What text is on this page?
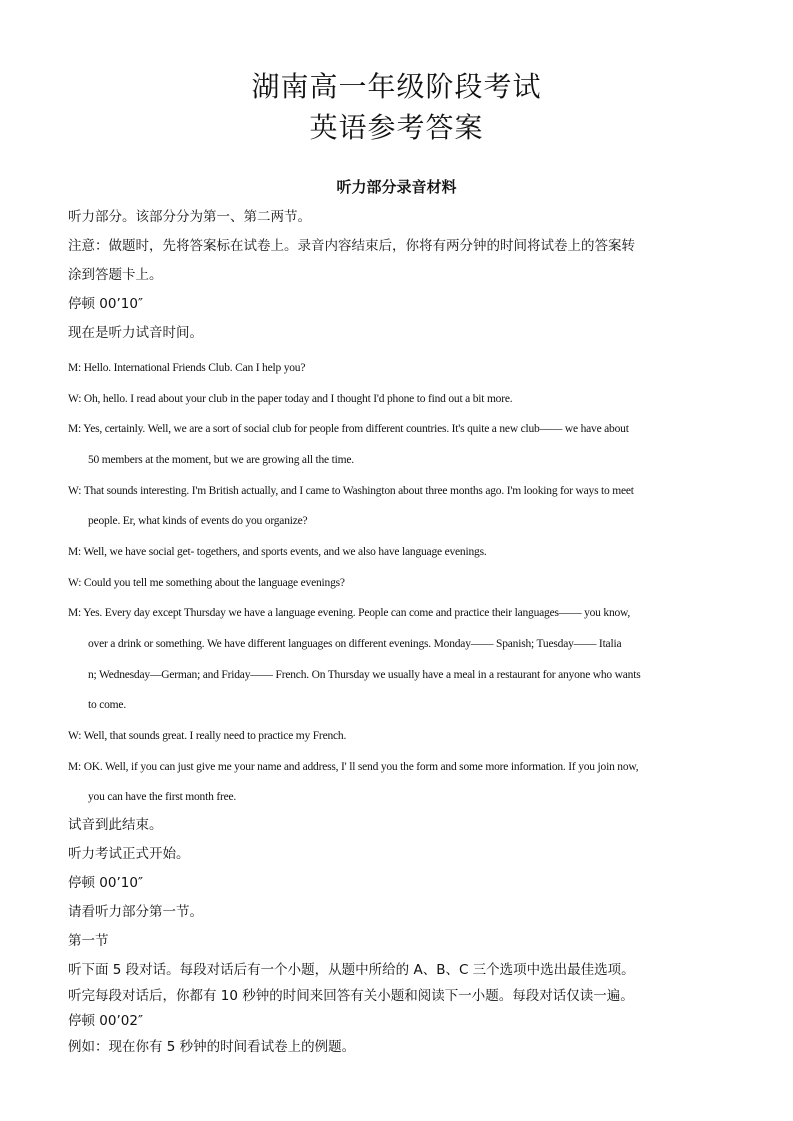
湖南高一年级阶段考试
英语参考答案
听力部分录音材料
听力部分。该部分分为第一、第二两节。
注意：做题时，先将答案标在试卷上。录音内容结束后，你将有两分钟的时间将试卷上的答案转
涂到答题卡上。
停顿 00’10″
现在是听力试音时间。
M: Hello. International Friends Club. Can I help you?
W: Oh, hello. I read about your club in the paper today and I thought I'd phone to find out a bit more.
M: Yes, certainly. Well, we are a sort of social club for people from different countries. It's quite a new club—— we have about
50 members at the moment, but we are growing all the time.
W: That sounds interesting. I'm British actually, and I came to Washington about three months ago. I'm looking for ways to meet
people. Er, what kinds of events do you organize?
M: Well, we have social get- togethers, and sports events, and we also have language evenings.
W: Could you tell me something about the language evenings?
M: Yes. Every day except Thursday we have a language evening. People can come and practice their languages—— you know,
over a drink or something. We have different languages on different evenings. Monday—— Spanish; Tuesday—— Italia
n; Wednesday—German; and Friday—— French. On Thursday we usually have a meal in a restaurant for anyone who wants
to come.
W: Well, that sounds great. I really need to practice my French.
M: OK. Well, if you can just give me your name and address, I' ll send you the form and some more information. If you join now,
you can have the first month free.
试音到此结束。
听力考试正式开始。
停顿 00’10″
请看听力部分第一节。
第一节
听下面 5 段对话。每段对话后有一个小题，从题中所给的 A、B、C 三个选项中选出最佳选项。
听完每段对话后，你都有 10 秒钟的时间来回答有关小题和阅读下一小题。每段对话仅读一遍。
停顿 00’02″
例如：现在你有 5 秒钟的时间看试卷上的例题。
